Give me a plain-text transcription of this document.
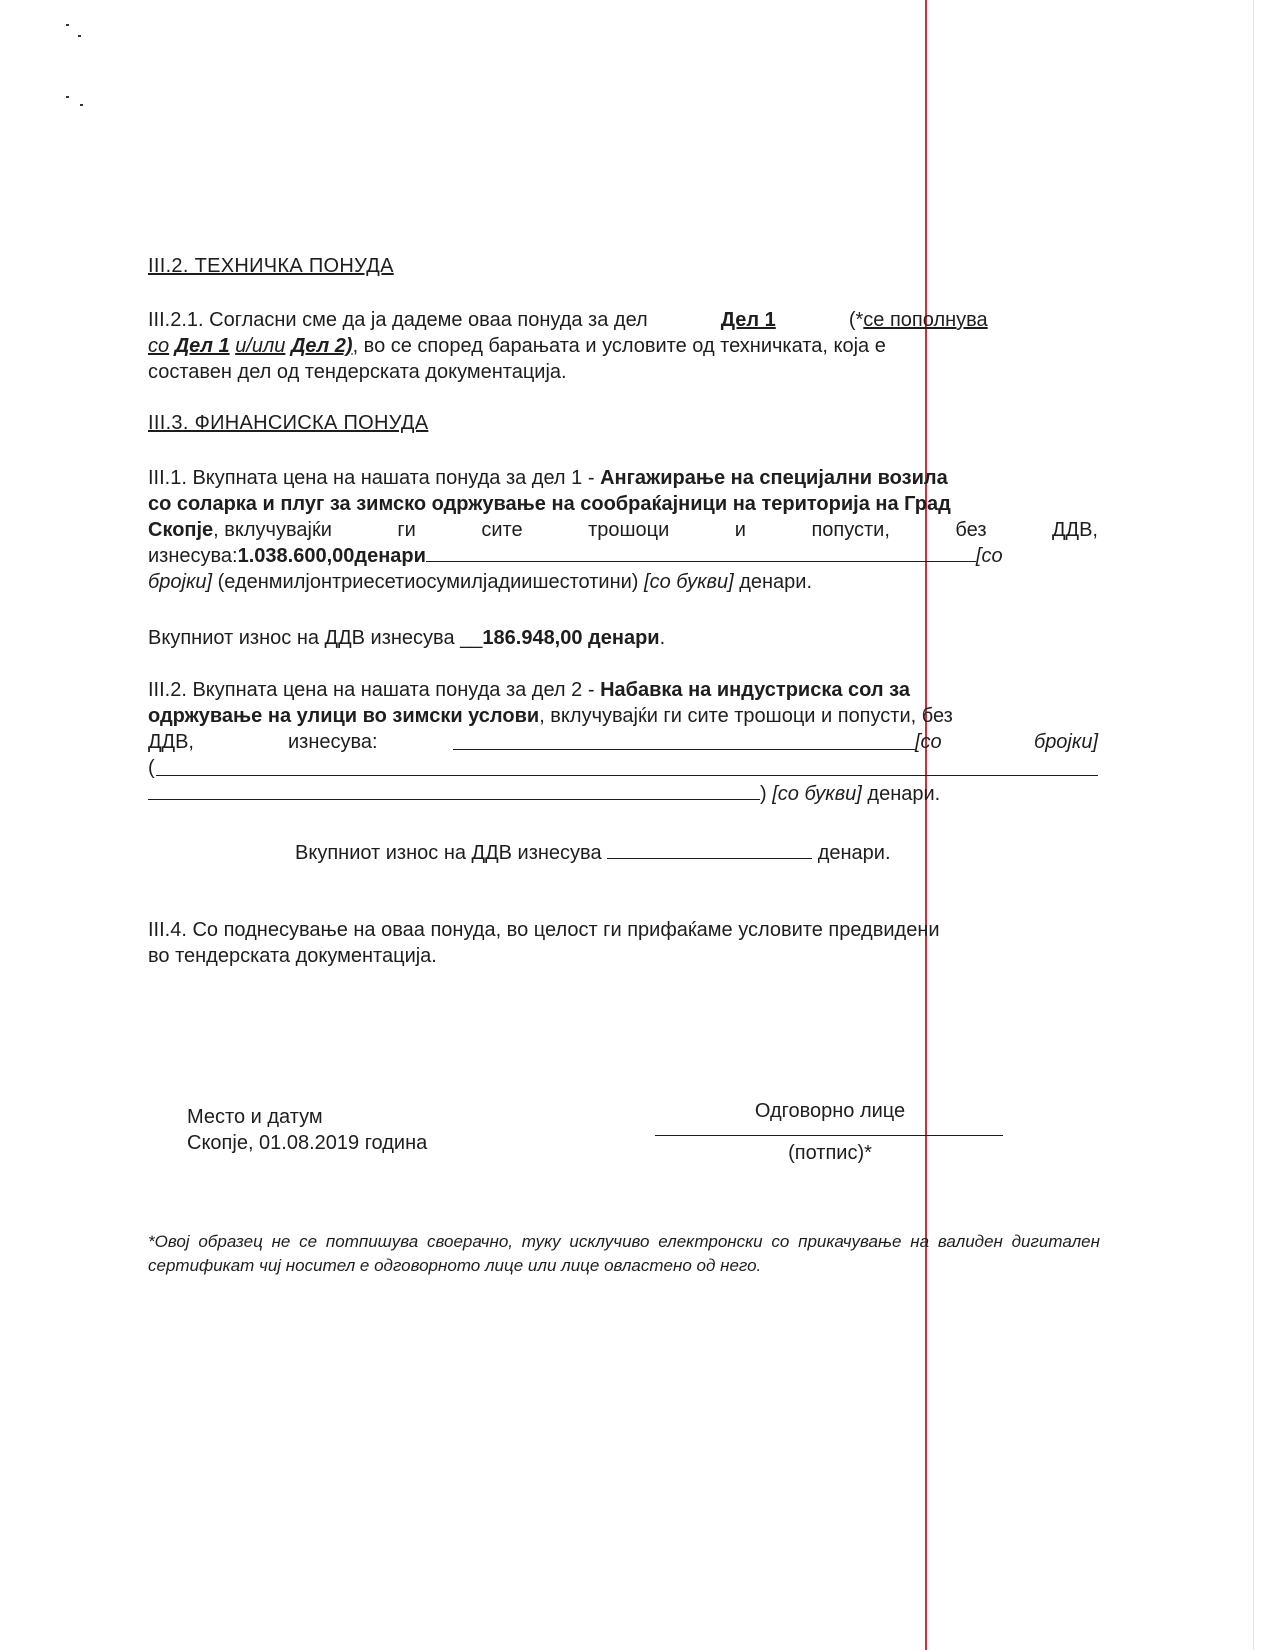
III.2. ТЕХНИЧКА ПОНУДА
III.2.1. Согласни сме да ја дадеме оваа понуда за дел	Дел 1	(*се пополнува
со Дел 1 и/или Дел 2), во се според барањата и условите од техничката, која е
составен дел од тендерската документација.
III.3. ФИНАНСИСКА ПОНУДА
III.1. Вкупната цена на нашата понуда за дел 1 - Ангажирање на специјални возила
со соларка и плуг за зимско одржување на сообраќајници на територија на Град
Скопје, вклучувајќи	ги	сите	трошоци	и	попусти,	без	ДДВ,
изнесува:1.038.600,00денари	[со
бројки] (еденмилјонтриесетиосумилјадиишестотини) [со букви] денари.
Вкупниот износ на ДДВ изнесува __186.948,00 денари.
III.2. Вкупната цена на нашата понуда за дел 2 - Набавка на индустриска сол за
одржување на улици во зимски услови, вклучувајќи ги сите трошоци и попусти, без
ДДВ,	изнесува:	[со	бројки]
(
) [со букви] денари.
Вкупниот износ на ДДВ изнесува	денари.
III.4. Со поднесување на оваа понуда, во целост ги прифаќаме условите предвидени
во тендерската документација.
Место и датум
Скопје, 01.08.2019 година
Одговорно лице
(потпис)*
*Овој образец не се потпишува своерачно, туку исклучиво електронски со прикачување на валиден дигитален сертификат чиј носител е одговорното лице или лице овластено од него.
